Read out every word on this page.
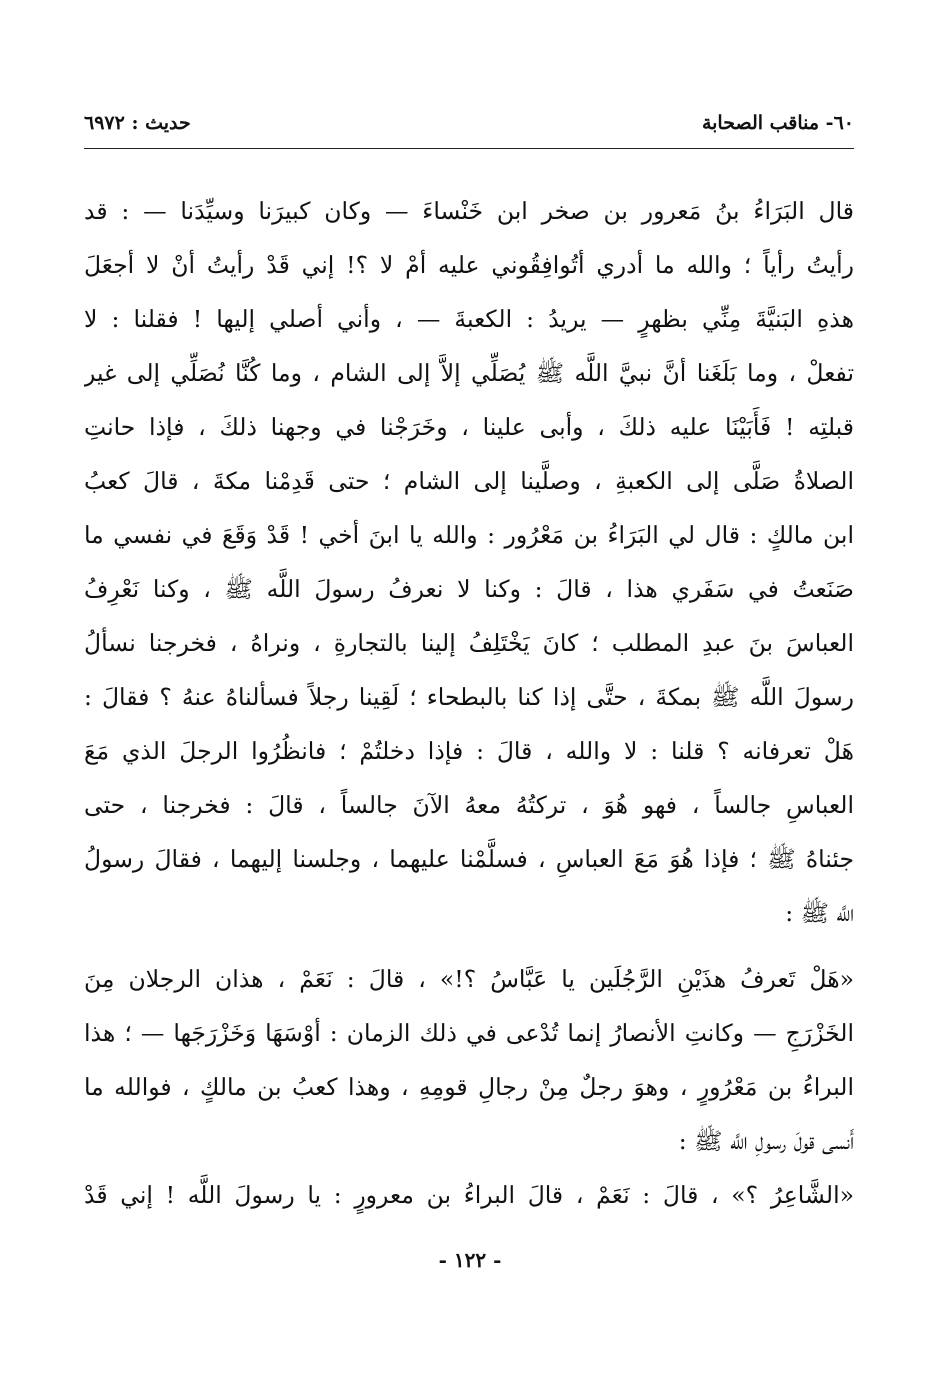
٦٠- مناقب الصحابة
حديث : ٦٩٧٢
قال البَرَاءُ بنُ مَعرور بن صخر ابن خَنْساءَ — وكان كبيرَنا وسيِّدَنا — : قد
رأيتُ رأياً ؛ والله ما أدري أتُوافِقُوني عليه أمْ لا ؟! إني قَدْ رأيتُ أنْ لا أجعَلَ
هذهِ البَنيَّةَ مِنِّي بظهرٍ — يريدُ : الكعبةَ — ، وأني أصلي إليها ! فقلنا : لا
تفعلْ ، وما بَلَغَنا أنَّ نبيَّ اللَّه ﷺ يُصَلِّي إلاَّ إلى الشام ، وما كُنَّا نُصَلِّي إلى غير
قبلتِه ! فَأَبَيْنَا عليه ذلكَ ، وأبى علينا ، وخَرَجْنا في وجهنا ذلكَ ، فإذا حانتِ
الصلاةُ صَلَّى إلى الكعبةِ ، وصلَّينا إلى الشام ؛ حتى قَدِمْنا مكةَ ، قالَ كعبُ
ابن مالكٍ : قال لي البَرَاءُ بن مَعْرُور : والله يا ابنَ أخي ! قَدْ وَقَعَ في نفسي ما
صَنَعتُ في سَفَري هذا ، قالَ : وكنا لا نعرفُ رسولَ اللَّه ﷺ ، وكنا نَعْرِفُ
العباسَ بنَ عبدِ المطلب ؛ كانَ يَخْتَلِفُ إلينا بالتجارةِ ، ونراهُ ، فخرجنا نسألُ
رسولَ اللَّه ﷺ بمكةَ ، حتَّى إذا كنا بالبطحاء ؛ لَقِينا رجلاً فسألناهُ عنهُ ؟ فقالَ :
هَلْ تعرفانه ؟ قلنا : لا والله ، قالَ : فإذا دخلتُمْ ؛ فانظُرُوا الرجلَ الذي مَعَ
العباسِ جالساً ، فهو هُوَ ، تركتُهُ معهُ الآنَ جالساً ، قالَ : فخرجنا ، حتى
جئناهُ ﷺ ؛ فإذا هُوَ مَعَ العباسِ ، فسلَّمْنا عليهما ، وجلسنا إليهما ، فقالَ رسولُ
اللَّه ﷺ :
«هَلْ تَعرفُ هذَيْنِ الرَّجُلَين يا عَبَّاسُ ؟!» ، قالَ : نَعَمْ ، هذان الرجلان مِنَ
الخَزْرَجِ — وكانتِ الأنصارُ إنما تُدْعى في ذلك الزمان : أوْسَهَا وَخَزْرَجَها — ؛ هذا
البراءُ بن مَعْرُورٍ ، وهوَ رجلٌ مِنْ رجالِ قومِهِ ، وهذا كعبُ بن مالكٍ ، فوالله ما
أَنسى قولَ رسولِ اللَّه ﷺ :
«الشَّاعِرُ ؟» ، قالَ : نَعَمْ ، قالَ البراءُ بن معرورٍ : يا رسولَ اللَّه ! إني قَدْ
- ١٢٢ -
